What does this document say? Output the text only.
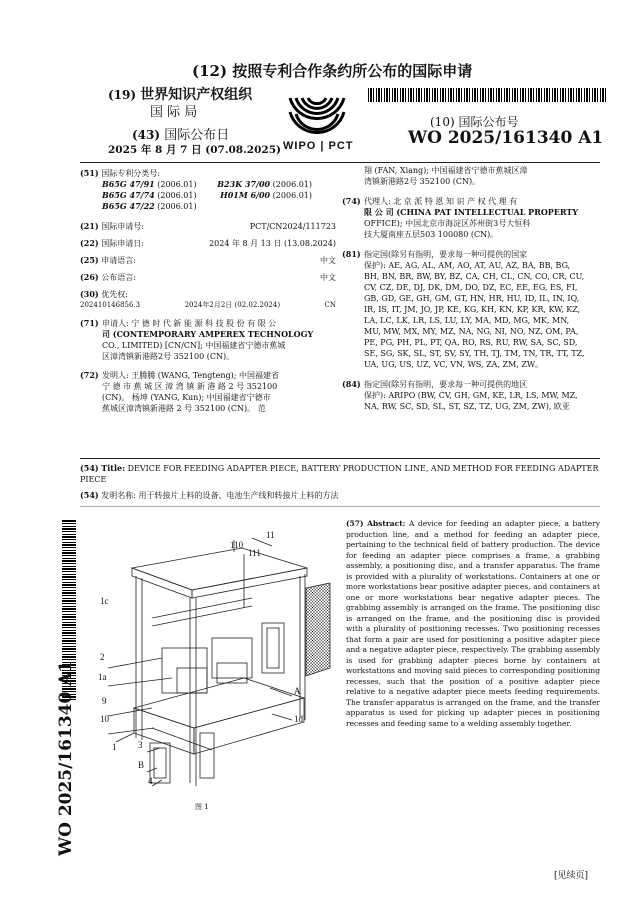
(12) 按照专利合作条约所公布的国际申请
(19) 世界知识产权组织
国 际 局
(43) 国际公布日
2025 年 8 月 7 日 (07.08.2025) WIPO | PCT
(10) 国际公布号
WO 2025/161340 A1
(51) 国际专利分类号:
B65G 47/91 (2006.01)	B23K 37/00 (2006.01)
B65G 47/74 (2006.01)	H01M 6/00 (2006.01)
B65G 47/22 (2006.01)
(21) 国际申请号:	PCT/CN2024/111723
(22) 国际申请日:	2024 年 8 月 13 日 (13.08.2024)
(25) 申请语言:	中文
(26) 公布语言:	中文
(30) 优先权:
202410146856.3	2024年2月2日 (02.02.2024)	CN
(71) 申请人: 宁 德 时 代 新 能 源 科 技 股 份 有 限 公
司 (CONTEMPORARY AMPEREX TECHNOLOGY
CO., LIMITED) [CN/CN]; 中国福建省宁德市蕉城
区漳湾镇新港路2号 352100 (CN)。
(72) 发明人: 王腾腾 (WANG, Tengteng); 中国福建省
宁 德 市 蕉 城 区 漳 湾 镇 新 港 路 2 号 352100
(CN)。 杨坤 (YANG, Kun); 中国福建省宁德市
蕉城区漳湾镇新港路 2 号 352100 (CN)。 范
翔 (FAN, Xiang); 中国福建省宁德市蕉城区漳
湾镇新港路2号 352100 (CN)。
(74) 代理人: 北 京 派 特 恩 知 识 产 权 代 理 有
限 公 司 (CHINA PAT INTELLECTUAL PROPERTY
OFFICE); 中国北京市海淀区苏州街3号大恒科
技大厦南座五层503 100080 (CN)。
(81) 指定国(除另有指明，要求每一种可提供的国家
保护): AE, AG, AL, AM, AO, AT, AU, AZ, BA, BB, BG,
BH, BN, BR, BW, BY, BZ, CA, CH, CL, CN, CO, CR, CU,
CV, CZ, DE, DJ, DK, DM, DO, DZ, EC, EE, EG, ES, FI,
GB, GD, GE, GH, GM, GT, HN, HR, HU, ID, IL, IN, IQ,
IR, IS, IT, JM, JO, JP, KE, KG, KH, KN, KP, KR, KW, KZ,
LA, LC, LK, LR, LS, LU, LY, MA, MD, MG, MK, MN,
MU, MW, MX, MY, MZ, NA, NG, NI, NO, NZ, OM, PA,
PE, PG, PH, PL, PT, QA, RO, RS, RU, RW, SA, SC, SD,
SE, SG, SK, SL, ST, SV, SY, TH, TJ, TM, TN, TR, TT, TZ,
UA, UG, US, UZ, VC, VN, WS, ZA, ZM, ZW。
(84) 指定国(除另有指明，要求每一种可提供的地区
保护): ARIPO (BW, CV, GH, GM, KE, LR, LS, MW, MZ,
NA, RW, SC, SD, SL, ST, SZ, TZ, UG, ZM, ZW), 欧亚
(54) Title: DEVICE FOR FEEDING ADAPTER PIECE, BATTERY PRODUCTION LINE, AND METHOD FOR FEEDING ADAPTER PIECE
(54) 发明名称: 用于转接片上料的设备、电池生产线和转接片上料的方法
(57) Abstract: A device for feeding an adapter piece, a battery production line, and a method for feeding an adapter piece, pertaining to the technical field of battery production. The device for feeding an adapter piece comprises a frame, a grabbing assembly, a positioning disc, and a transfer apparatus. The frame is provided with a plurality of workstations. Containers at one or more workstations bear positive adapter pieces, and containers at one or more workstations bear negative adapter pieces. The grabbing assembly is arranged on the frame. The positioning disc is arranged on the frame, and the positioning disc is provided with a plurality of positioning recesses. Two positioning recesses that form a pair are used for positioning a positive adapter piece and a negative adapter piece, respectively. The grabbing assembly is used for grabbing adapter pieces borne by containers at workstations and moving said pieces to corresponding positioning recesses, such that the position of a positive adapter piece relative to a negative adapter piece meets feeding requirements. The transfer apparatus is arranged on the frame, and the transfer apparatus is used for picking up adapter pieces in positioning recesses and feeding same to a welding assembly together.
11
110
111
1c
2
1a
9
10
1 3
B
4
A
1d
图 1
WO 2025/161340 A1
[见续页]
